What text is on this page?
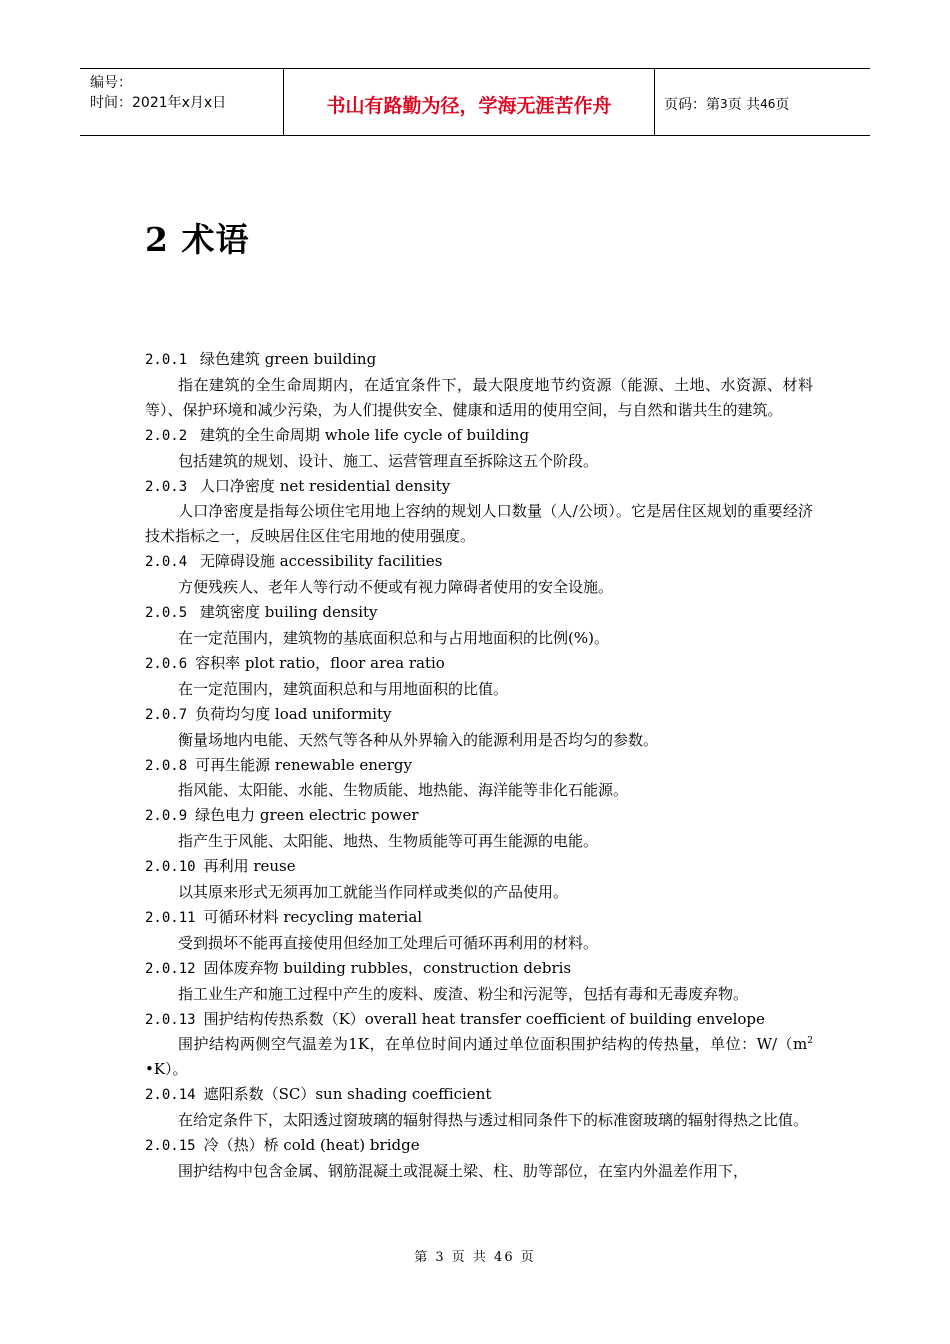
编号：
时间：2021年x月x日	书山有路勤为径，学海无涯苦作舟	页码：第 3 页 共 46 页
2 术语
2.0.1 绿色建筑 green building
指在建筑的全生命周期内，在适宜条件下，最大限度地节约资源（能源、土地、水资源、材料等）、保护环境和减少污染，为人们提供安全、健康和适用的使用空间，与自然和谐共生的建筑。
2.0.2 建筑的全生命周期 whole life cycle of building
包括建筑的规划、设计、施工、运营管理直至拆除这五个阶段。
2.0.3 人口净密度 net residential density
人口净密度是指每公顷住宅用地上容纳的规划人口数量（人/公顷）。它是居住区规划的重要经济技术指标之一，反映居住区住宅用地的使用强度。
2.0.4 无障碍设施 accessibility facilities
方便残疾人、老年人等行动不便或有视力障碍者使用的安全设施。
2.0.5 建筑密度 builing density
在一定范围内，建筑物的基底面积总和与占用地面积的比例(%)。
2.0.6 容积率 plot ratio，floor area ratio
在一定范围内，建筑面积总和与用地面积的比值。
2.0.7 负荷均匀度 load uniformity
衡量场地内电能、天然气等各种从外界输入的能源利用是否均匀的参数。
2.0.8 可再生能源 renewable energy
指风能、太阳能、水能、生物质能、地热能、海洋能等非化石能源。
2.0.9 绿色电力 green electric power
指产生于风能、太阳能、地热、生物质能等可再生能源的电能。
2.0.10 再利用 reuse
以其原来形式无须再加工就能当作同样或类似的产品使用。
2.0.11 可循环材料 recycling material
受到损坏不能再直接使用但经加工处理后可循环再利用的材料。
2.0.12 固体废弃物 building rubbles，construction debris
指工业生产和施工过程中产生的废料、废渣、粉尘和污泥等，包括有毒和无毒废弃物。
2.0.13 围护结构传热系数（K）overall heat transfer coefficient of building envelope
围护结构两侧空气温差为1K，在单位时间内通过单位面积围护结构的传热量，单位：$W/(m^2$ •K）。
2.0.14 遮阳系数（SC）sun shading coefficient
在给定条件下，太阳透过窗玻璃的辐射得热与透过相同条件下的标准窗玻璃的辐射得热之比值。
2.0.15 冷（热）桥 cold (heat) bridge
围护结构中包含金属、钢筋混凝土或混凝土梁、柱、肋等部位，在室内外温差作用下，
第 3 页 共 46 页
